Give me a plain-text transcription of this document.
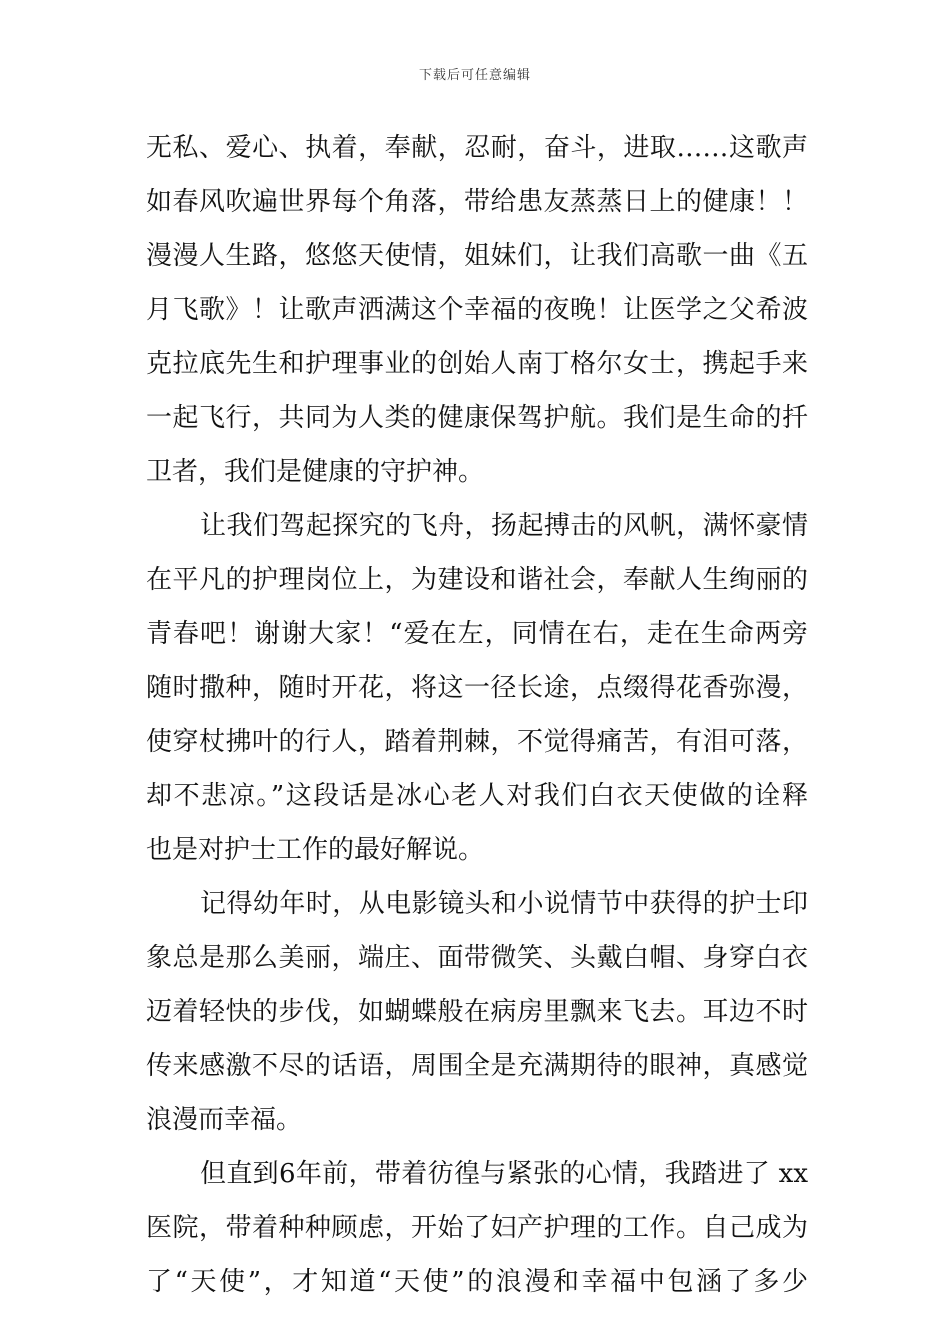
下载后可任意编辑
无私、爱心、执着，奉献，忍耐，奋斗，进取……这歌声
如春风吹遍世界每个角落，带给患友蒸蒸日上的健康！！
漫漫人生路，悠悠天使情，姐妹们，让我们高歌一曲《五
月飞歌》！让歌声洒满这个幸福的夜晚！让医学之父希波
克拉底先生和护理事业的创始人南丁格尔女士，携起手来
一起飞行，共同为人类的健康保驾护航。我们是生命的扦
卫者，我们是健康的守护神。
让我们驾起探究的飞舟，扬起搏击的风帆，满怀豪情
在平凡的护理岗位上，为建设和谐社会，奉献人生绚丽的
青春吧！谢谢大家！“爱在左，同情在右，走在生命两旁
随时撒种，随时开花，将这一径长途，点缀得花香弥漫，
使穿杖拂叶的行人，踏着荆棘，不觉得痛苦，有泪可落，
却不悲凉。”这段话是冰心老人对我们白衣天使做的诠释
也是对护士工作的最好解说。
记得幼年时，从电影镜头和小说情节中获得的护士印
象总是那么美丽，端庄、面带微笑、头戴白帽、身穿白衣
迈着轻快的步伐，如蝴蝶般在病房里飘来飞去。耳边不时
传来感激不尽的话语，周围全是充满期待的眼神，真感觉
浪漫而幸福。
但直到6年前，带着彷徨与紧张的心情，我踏进了 xx
医院，带着种种顾虑，开始了妇产护理的工作。自己成为
了“天使”，才知道“天使”的浪漫和幸福中包涵了多少
